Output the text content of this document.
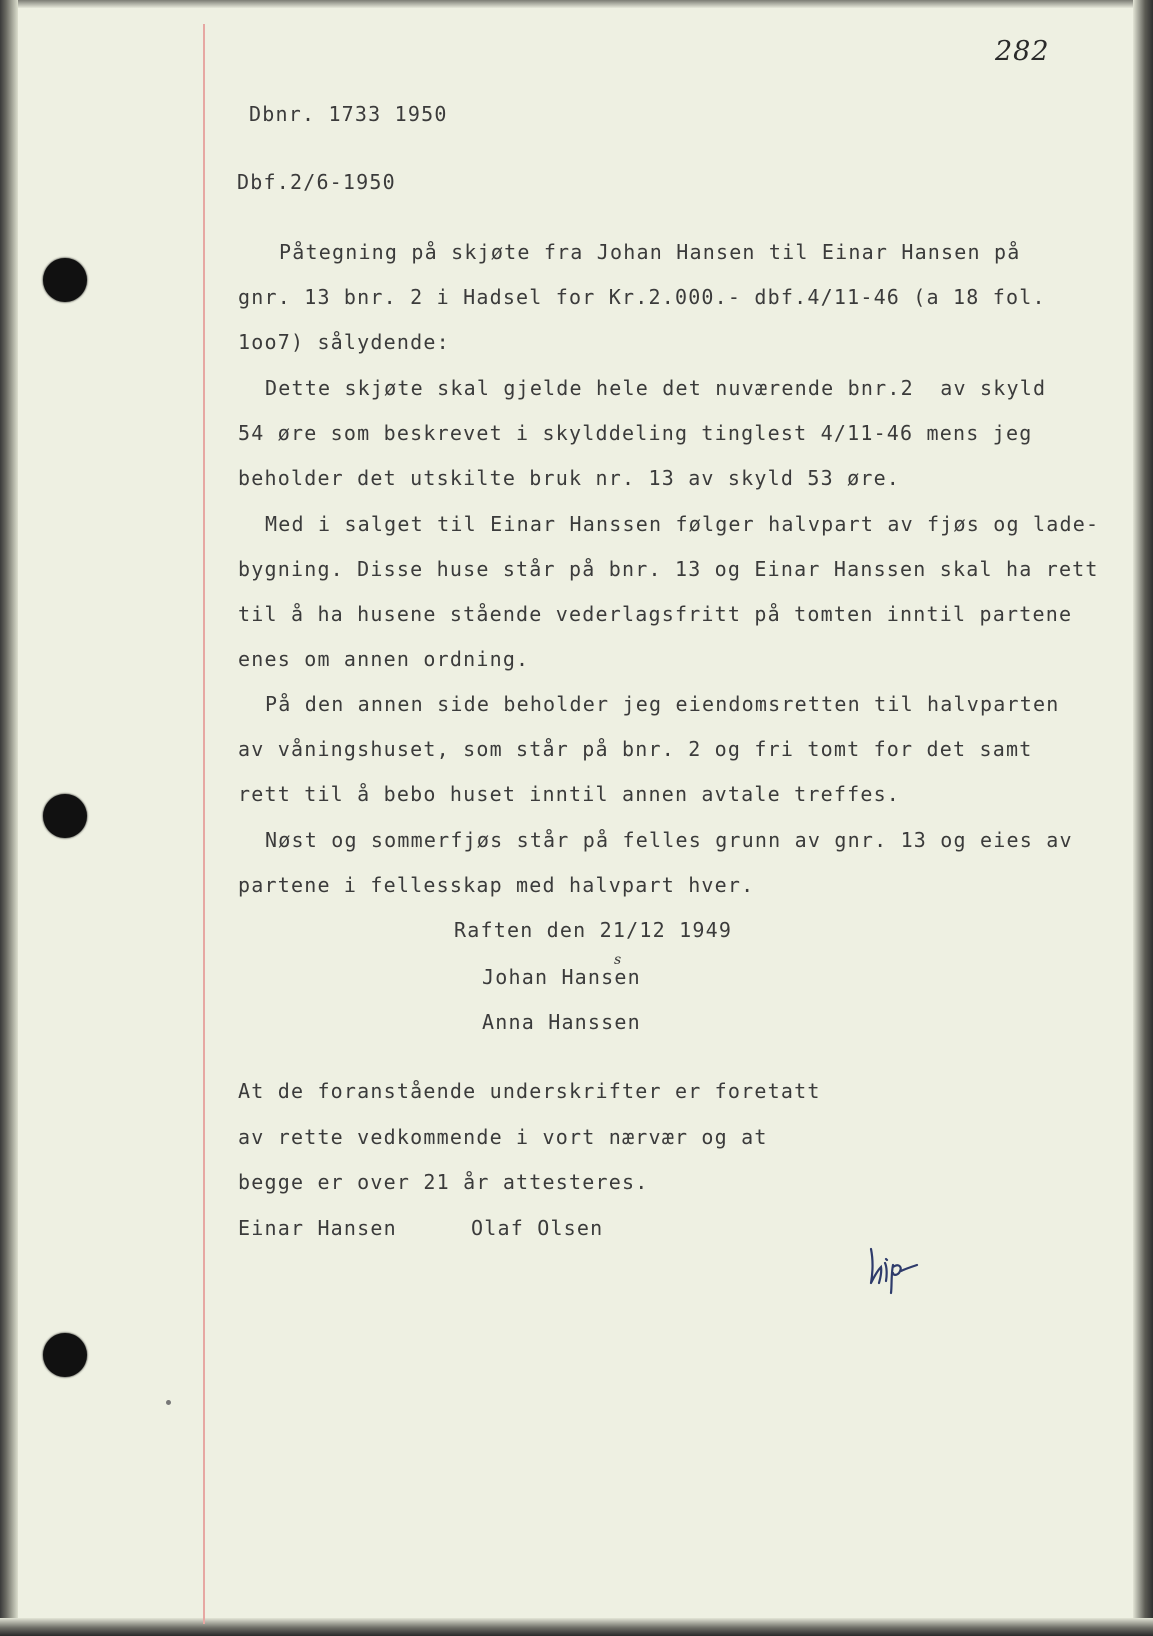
282
Dbnr. 1733 1950
Dbf.2/6-1950
Påtegning på skjøte fra Johan Hansen til Einar Hansen på
gnr. 13 bnr. 2 i Hadsel for Kr.2.000.- dbf.4/11-46 (a 18 fol.
1oo7) sålydende:
Dette skjøte skal gjelde hele det nuværende bnr.2  av skyld
54 øre som beskrevet i skylddeling tinglest 4/11-46 mens jeg
beholder det utskilte bruk nr. 13 av skyld 53 øre.
Med i salget til Einar Hanssen følger halvpart av fjøs og lade-
bygning. Disse huse står på bnr. 13 og Einar Hanssen skal ha rett
til å ha husene stående vederlagsfritt på tomten inntil partene
enes om annen ordning.
På den annen side beholder jeg eiendomsretten til halvparten
av våningshuset, som står på bnr. 2 og fri tomt for det samt
rett til å bebo huset inntil annen avtale treffes.
Nøst og sommerfjøs står på felles grunn av gnr. 13 og eies av
partene i fellesskap med halvpart hver.
Raften den 21/12 1949
s
Johan Hansen
Anna Hanssen
At de foranstående underskrifter er foretatt
av rette vedkommende i vort nærvær og at
begge er over 21 år attesteres.
Einar Hansen	Olaf Olsen
